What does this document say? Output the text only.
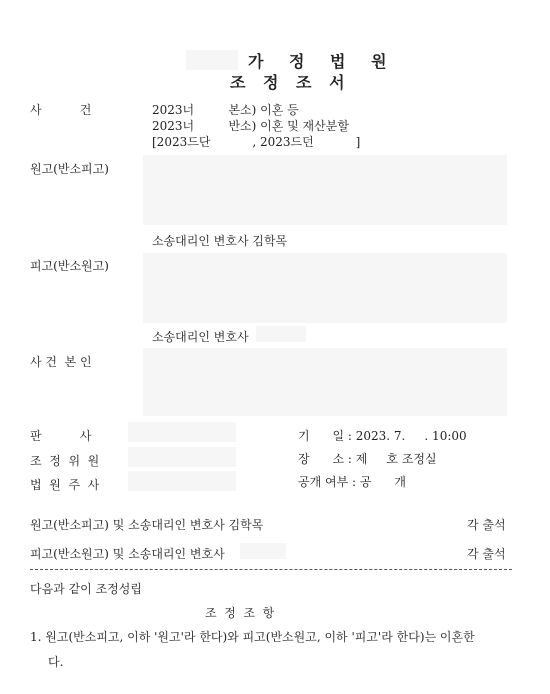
가 정 법 원
조 정 조 서
사          건	2023너         본소) 이혼 등
2023너         반소) 이혼 및 재산분할
[2023드단           , 2023드던           ]
원고(반소피고)
소송대리인 변호사 김학목
피고(반소원고)
소송대리인 변호사
사 건  본 인
판          사
조  정  위  원
법  원  주  사
기      일 : 2023. 7.     . 10:00
장      소 : 제     호 조정실
공개 여부 : 공      개
원고(반소피고) 및 소송대리인 변호사 김학목	각 출석
피고(반소원고) 및 소송대리인 변호사	각 출석
다음과 같이 조정성립
조  정  조  항
1. 원고(반소피고, 이하 '원고'라 한다)와 피고(반소원고, 이하 '피고'라 한다)는 이혼한
다.
